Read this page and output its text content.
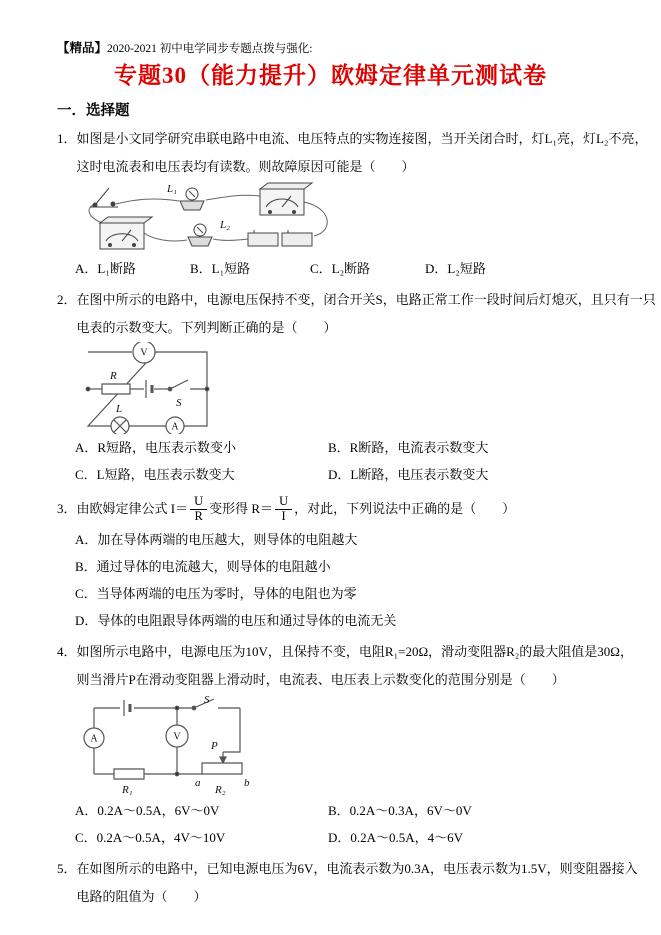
【精品】2020-2021 初中电学同步专题点拨与强化:
专题30（能力提升）欧姆定律单元测试卷
一．选择题
1． 如图是小文同学研究串联电路中电流、电压特点的实物连接图，当开关闭合时，灯L₁亮，灯L₂不亮，
这时电流表和电压表均有读数。则故障原因可能是（　　）
L₁
L₂
A．L₁断路	B．L₁短路	C．L₂断路	D．L₂短路
2． 在图中所示的电路中，电源电压保持不变，闭合开关S，电路正常工作一段时间后灯熄灭，且只有一只
电表的示数变大。下列判断正确的是（　　）
V
R
S
L
A
A．R短路，电压表示数变小	B．R断路，电流表示数变大
C．L短路，电压表示数变大	D．L断路，电压表示数变大
3． 由欧姆定律公式 $I= \frac{U}{R}$ 变形得 $R= \frac{U}{I}$ ，对此，下列说法中正确的是（　　）
A．加在导体两端的电压越大，则导体的电阻越大
B．通过导体的电流越大，则导体的电阻越小
C．当导体两端的电压为零时，导体的电阻也为零
D．导体的电阻跟导体两端的电压和通过导体的电流无关
4． 如图所示电路中，电源电压为10V，且保持不变，电阻R₁=20Ω，滑动变阻器R₂的最大阻值是30Ω，
则当滑片P在滑动变阻器上滑动时，电流表、电压表上示数变化的范围分别是（　　）
S
A	V
P
a	b
R₁	R₂
A．0.2A～0.5A，6V～0V	B．0.2A～0.3A，6V～0V
C．0.2A～0.5A，4V～10V	D．0.2A～0.5A，4～6V
5． 在如图所示的电路中，已知电源电压为6V，电流表示数为0.3A，电压表示数为1.5V，则变阻器接入
电路的阻值为（　　）
